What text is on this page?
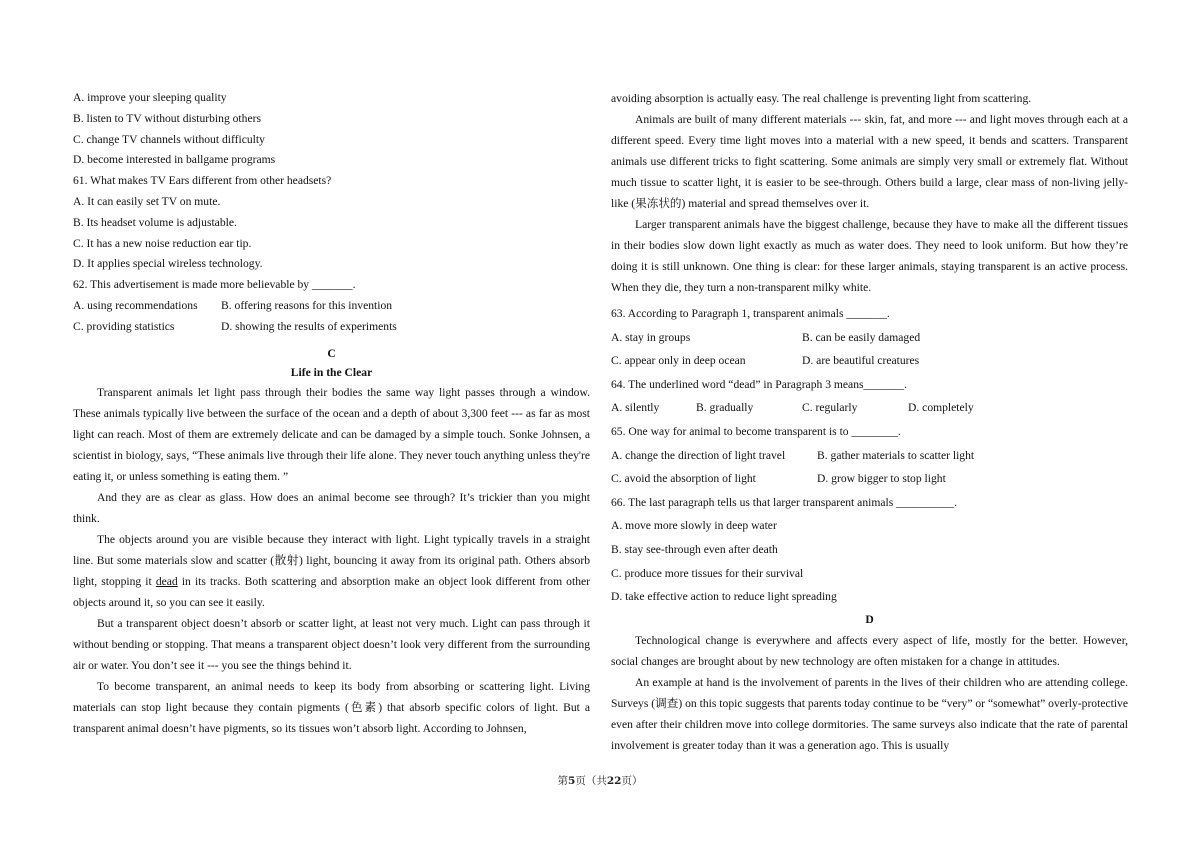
A. improve your sleeping quality
B. listen to TV without disturbing others
C. change TV channels without difficulty
D. become interested in ballgame programs
61. What makes TV Ears different from other headsets?
A. It can easily set TV on mute.
B. Its headset volume is adjustable.
C. It has a new noise reduction ear tip.
D. It applies special wireless technology.
62. This advertisement is made more believable by _______.
A. using recommendations	B. offering reasons for this invention
C. providing statistics	D. showing the results of experiments
C
Life in the Clear

Transparent animals let light pass through their bodies the same way light passes through a window. These animals typically live between the surface of the ocean and a depth of about 3,300 feet --- as far as most light can reach. Most of them are extremely delicate and can be damaged by a simple touch. Sonke Johnsen, a scientist in biology, says, “These animals live through their life alone. They never touch anything unless they're eating it, or unless something is eating them. ”

And they are as clear as glass. How does an animal become see through? It’s trickier than you might think.

The objects around you are visible because they interact with light. Light typically travels in a straight line. But some materials slow and scatter (散射) light, bouncing it away from its original path. Others absorb light, stopping it dead in its tracks. Both scattering and absorption make an object look different from other objects around it, so you can see it easily.

But a transparent object doesn’t absorb or scatter light, at least not very much. Light can pass through it without bending or stopping. That means a transparent object doesn’t look very different from the surrounding air or water. You don’t see it --- you see the things behind it.

To become transparent, an animal needs to keep its body from absorbing or scattering light. Living materials can stop light because they contain pigments (色素) that absorb specific colors of light. But a transparent animal doesn’t have pigments, so its tissues won’t absorb light. According to Johnsen,

avoiding absorption is actually easy. The real challenge is preventing light from scattering.

Animals are built of many different materials --- skin, fat, and more --- and light moves through each at a different speed. Every time light moves into a material with a new speed, it bends and scatters. Transparent animals use different tricks to fight scattering. Some animals are simply very small or extremely flat. Without much tissue to scatter light, it is easier to be see-through. Others build a large, clear mass of non-living jelly-like (果冻状的) material and spread themselves over it.

Larger transparent animals have the biggest challenge, because they have to make all the different tissues in their bodies slow down light exactly as much as water does. They need to look uniform. But how they’re doing it is still unknown. One thing is clear: for these larger animals, staying transparent is an active process. When they die, they turn a non-transparent milky white.

63. According to Paragraph 1, transparent animals _______.
A. stay in groups	B. can be easily damaged
C. appear only in deep ocean	D. are beautiful creatures
64. The underlined word “dead” in Paragraph 3 means_______.
A. silently	B. gradually	C. regularly	D. completely
65. One way for animal to become transparent is to ________.
A. change the direction of light travel	B. gather materials to scatter light
C. avoid the absorption of light	D. grow bigger to stop light
66. The last paragraph tells us that larger transparent animals __________.
A. move more slowly in deep water
B. stay see-through even after death
C. produce more tissues for their survival
D. take effective action to reduce light spreading
D

Technological change is everywhere and affects every aspect of life, mostly for the better. However, social changes are brought about by new technology are often mistaken for a change in attitudes.

An example at hand is the involvement of parents in the lives of their children who are attending college. Surveys (调查) on this topic suggests that parents today continue to be “very” or “somewhat” overly-protective even after their children move into college dormitories. The same surveys also indicate that the rate of parental involvement is greater today than it was a generation ago. This is usually

第5页（共22页）
